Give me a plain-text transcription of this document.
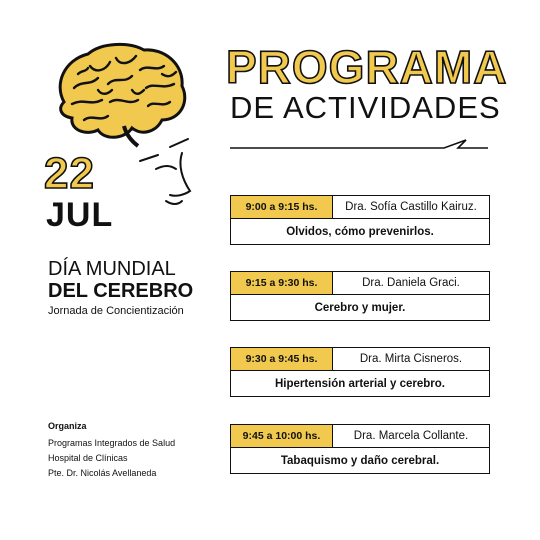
22
JUL
DÍA MUNDIAL
DEL CEREBRO
Jornada de Concientización
Organiza
Programas Integrados de Salud
Hospital de Clínicas
Pte. Dr. Nicolás Avellaneda
PROGRAMA
DE ACTIVIDADES
9:00 a 9:15 hs.	Dra. Sofía Castillo Kairuz.
Olvidos, cómo prevenirlos.
9:15 a 9:30 hs.	Dra. Daniela Graci.
Cerebro y mujer.
9:30 a 9:45 hs.	Dra. Mirta Cisneros.
Hipertensión arterial y cerebro.
9:45 a 10:00 hs.	Dra. Marcela Collante.
Tabaquismo y daño cerebral.
